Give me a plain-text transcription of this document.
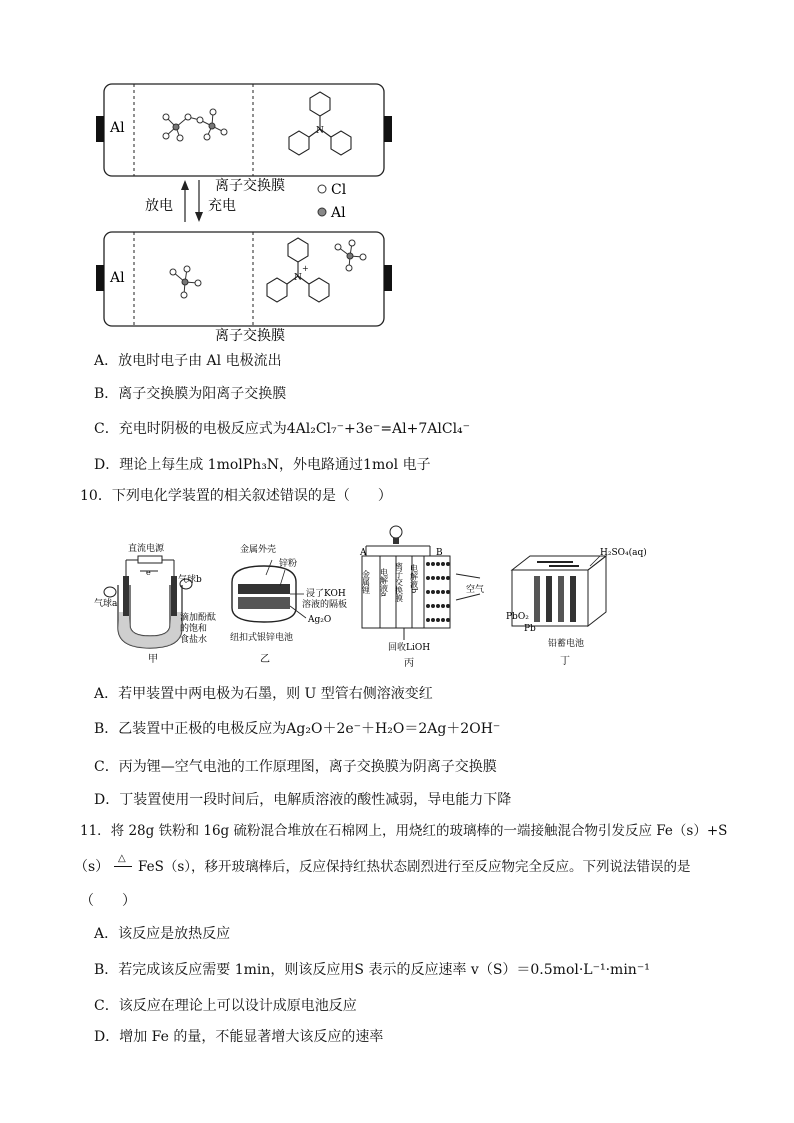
Al	N
放电	充电
离子交换膜	Cl
Al
Al
离子交换膜
N
+
A．放电时电子由 Al 电极流出
B．离子交换膜为阳离子交换膜
C．充电时阴极的电极反应式为4Al₂Cl₇⁻+3e⁻=Al+7AlCl₄⁻
D．理论上每生成 1molPh₃N，外电路通过1mol 电子
10．下列电化学装置的相关叙述错误的是（　　）
直流电源
e⁻
气球a
气球b
滴加酚酞
的饱和
食盐水
甲
金属外壳
锌粉
浸了KOH
溶液的隔板
Ag₂O
纽扣式银锌电池
乙
A	B
金属锂 电解液a 离子交换膜 电解液b	空气
回收LiOH
丙
H₂SO₄(aq)
PbO₂
Pb
铅蓄电池
丁
A．若甲装置中两电极为石墨，则 U 型管右侧溶液变红
B．乙装置中正极的电极反应为Ag₂O＋2e⁻＋H₂O＝2Ag＋2OH⁻
C．丙为锂—空气电池的工作原理图，离子交换膜为阴离子交换膜
D．丁装置使用一段时间后，电解质溶液的酸性减弱，导电能力下降
11．将 28g 铁粉和 16g 硫粉混合堆放在石棉网上，用烧红的玻璃棒的一端接触混合物引发反应 Fe（s）+S
（s）
△
FeS（s），移开玻璃棒后，反应保持红热状态剧烈进行至反应物完全反应。下列说法错误的是
（　　）
A．该反应是放热反应
B．若完成该反应需要 1min，则该反应用S 表示的反应速率 v（S）＝0.5mol·L⁻¹·min⁻¹
C．该反应在理论上可以设计成原电池反应
D．增加 Fe 的量，不能显著增大该反应的速率
